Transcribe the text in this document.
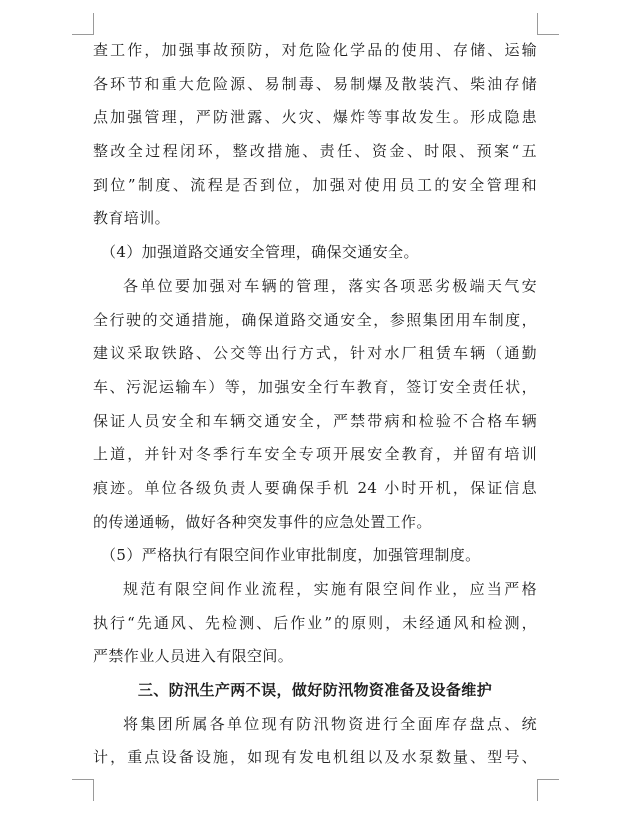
查工作，加强事故预防，对危险化学品的使用、存储、运输
各环节和重大危险源、易制毒、易制爆及散装汽、柴油存储
点加强管理，严防泄露、火灾、爆炸等事故发生。形成隐患
整改全过程闭环，整改措施、责任、资金、时限、预案“五
到位”制度、流程是否到位，加强对使用员工的安全管理和
教育培训。
（4）加强道路交通安全管理，确保交通安全。
各单位要加强对车辆的管理，落实各项恶劣极端天气安
全行驶的交通措施，确保道路交通安全，参照集团用车制度，
建议采取铁路、公交等出行方式，针对水厂租赁车辆（通勤
车、污泥运输车）等，加强安全行车教育，签订安全责任状，
保证人员安全和车辆交通安全，严禁带病和检验不合格车辆
上道，并针对冬季行车安全专项开展安全教育，并留有培训
痕迹。单位各级负责人要确保手机 24 小时开机，保证信息
的传递通畅，做好各种突发事件的应急处置工作。
（5）严格执行有限空间作业审批制度，加强管理制度。
规范有限空间作业流程，实施有限空间作业，应当严格
执行“先通风、先检测、后作业”的原则，未经通风和检测，
严禁作业人员进入有限空间。
三、防汛生产两不误，做好防汛物资准备及设备维护
将集团所属各单位现有防汛物资进行全面库存盘点、统
计，重点设备设施，如现有发电机组以及水泵数量、型号、
